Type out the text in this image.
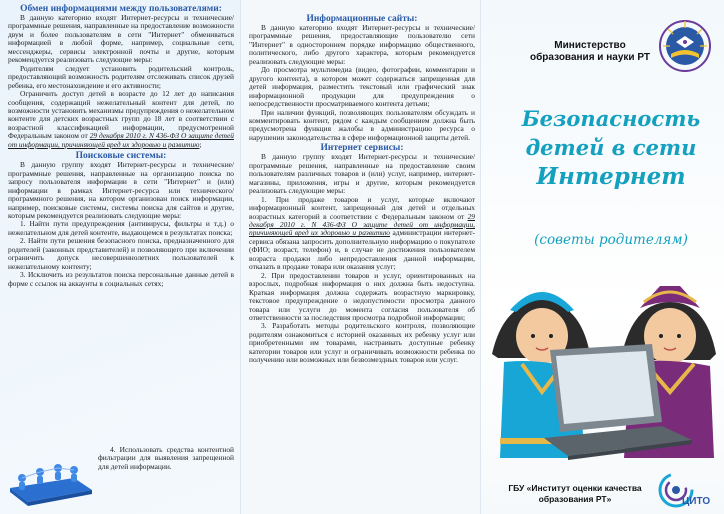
Обмен информациями между пользователями:

В данную категорию входят Интернет-ресурсы и технические/программные решения, направленные на предоставление возможности двум и более пользователям в сети "Интернет" обмениваться информацией в любой форме, например, социальные сети, мессенджеры, сервисы электронной почты и другие, которым рекомендуется реализовать следующие меры:

Родителям следует установить родительский контроль, предоставляющий возможность родителям отслеживать список друзей ребенка, его местонахождение и его активности;

Ограничить доступ детей в возрасте до 12 лет до написания сообщения, содержащий нежелательный контент для детей, по возможности установить механизмы предупреждения о нежелательном контенте для детских возрастных групп до 18 лет в соответствии с возрастной классификацией информации, предусмотренной Федеральным законом от 29 декабря 2010 г. N 436-ФЗ О защите детей от информации, причиняющей вред их здоровью и развитию;

Поисковые системы:

В данную группу входят Интернет-ресурсы и технические/программные решения, направленные на организацию поиска по запросу пользователя информации в сети "Интернет" и (или) информации в рамках Интернет-ресурса или технического/программного решения, на котором организован поиск информации, например, поисковые системы, системы поиска для сайтов и другие, которым рекомендуется реализовать следующие меры:

1. Найти пути предупреждения (антивирусы, фильтры и т.д.) о нежелательном для детей контенте, выдающемся в результатах поиска;

2. Найти пути решения безопасного поиска, предназначенного для родителей (законных представителей) и позволяющего при включении ограничить допуск несовершеннолетних пользователей к нежелательному контенту;

3. Исключить из результатов поиска персональные данные детей в форме с ссылок на аккаунты в социальных сетях;

4. Использовать средства контентной фильтрации для выявления запрещенной для детей информации.

Информационные сайты:

В данную категорию входят Интернет-ресурсы и технические/программные решения, предоставляющие пользователю сети "Интернет" в одностороннем порядке информацию общественного, политического, либо другого характера, которым рекомендуется реализовать следующие меры:

До просмотра мультимедиа (видео, фотографии, комментарии и другого контента), в котором может содержаться запрещенная для детей информация, разместить текстовый или графический знак информационной продукции для предупреждения о непосредственности просматриваемого контента детьми;

При наличии функций, позволяющих пользователям обсуждать и комментировать контент, рядом с каждым сообщением должна быть предусмотрена функция жалобы в администрацию ресурса о нарушении законодательства в сфере информационной защиты детей.

Интернет сервисы:

В данную группу входят Интернет-ресурсы и технические/программные решения, направленные на предоставление своим пользователям различных товаров и (или) услуг, например, интернет-магазины, приложения, игры и другие, которым рекомендуется реализовать следующие меры:

1. При продаже товаров и услуг, которые включают информационный контент, запрещенный для детей и отдельных возрастных категорий в соответствии с Федеральным законом от 29 декабря 2010 г. N 436-ФЗ О защите детей от информации, причиняющей вред их здоровью и развитию администрации интернет-сервиса обязана запросить дополнительную информацию о покупателе (ФИО; возраст, телефон) и, в случае не достижения пользователем возраста продажи либо непредоставления данной информации, отказать в продаже товара или оказания услуг;

2. При предоставлении товаров и услуг, ориентированных на взрослых, подробная информация о них должна быть недоступна. Краткая информация должна содержать возрастную маркировку, текстовое предупреждение о недопустимости просмотра данного товара или услуги до момента согласия пользователя об ответственности за последствия просмотра подробной информации;

3. Разработать методы родительского контроля, позволяющие родителям ознакомиться с историей оказанных их ребенку услуг или приобретенными им товарами, настраивать доступные ребенку категории товаров или услуг и ограничивать возможности ребенка по получению или возможных или безвозмездных товаров или услуг.

Министерство образования и науки РТ
Безопасность
детей в сети
Интернет
(советы родителям)
ГБУ «Институт оценки качества образования РТ»	ЦИТО
